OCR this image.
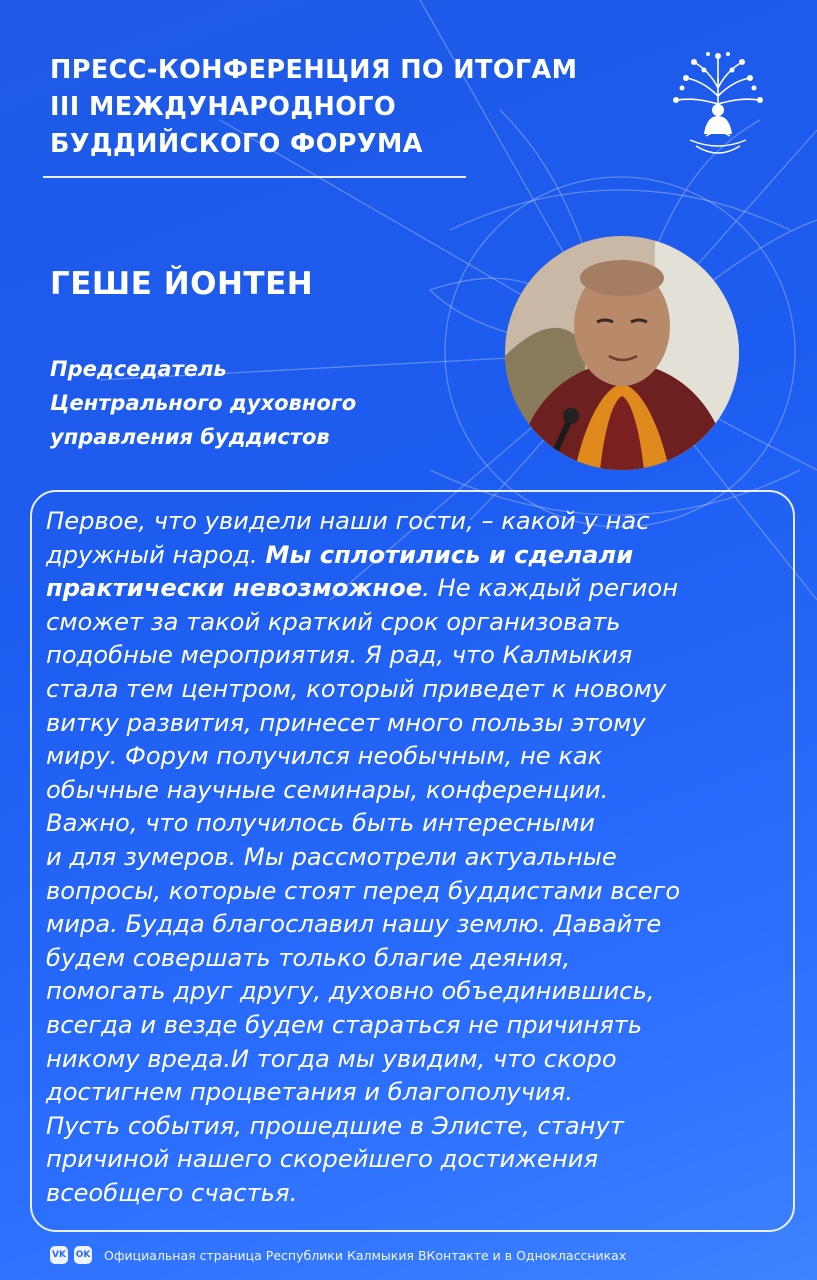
ПРЕСС-КОНФЕРЕНЦИЯ ПО ИТОГАМ
III МЕЖДУНАРОДНОГО
БУДДИЙСКОГО ФОРУМА
ГЕШЕ ЙОНТЕН
Председатель
Центрального духовного
управления буддистов
Первое, что увидели наши гости, – какой у нас
дружный народ. Мы сплотились и сделали
практически невозможное. Не каждый регион
сможет за такой краткий срок организовать
подобные мероприятия. Я рад, что Калмыкия
стала тем центром, который приведет к новому
витку развития, принесет много пользы этому
миру. Форум получился необычным, не как
обычные научные семинары, конференции.
Важно, что получилось быть интересными
и для зумеров. Мы рассмотрели актуальные
вопросы, которые стоят перед буддистами всего
мира. Будда благославил нашу землю. Давайте
будем совершать только благие деяния,
помогать друг другу, духовно объединившись,
всегда и везде будем стараться не причинять
никому вреда.И тогда мы увидим, что скоро
достигнем процветания и благополучия.
Пусть события, прошедшие в Элисте, станут
причиной нашего скорейшего достижения
всеобщего счастья.
VK OK Официальная страница Республики Калмыкия ВКонтакте и в Одноклассниках
